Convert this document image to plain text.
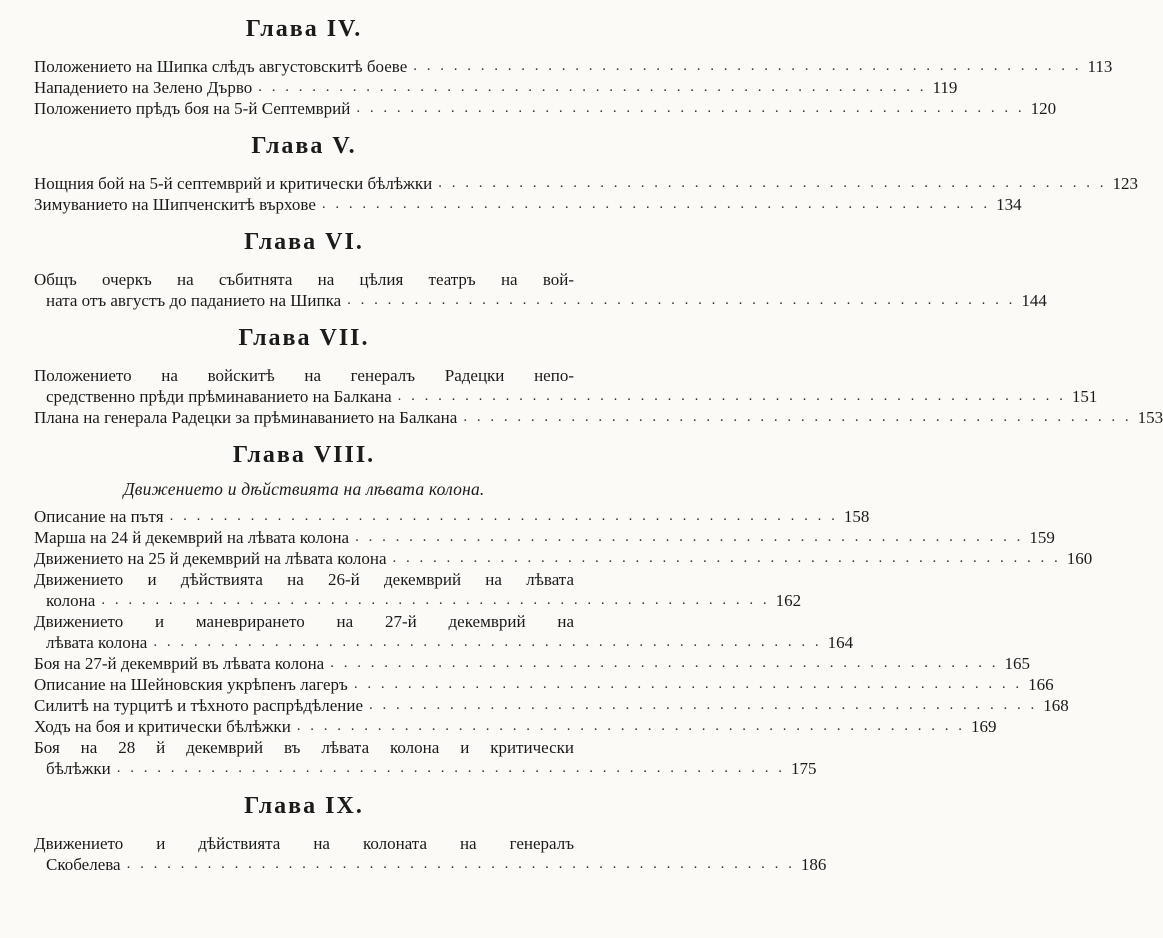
Глава IV.
Положението на Шипка слѣдъ августовскитѣ боеве . . . . . . . . . . . . . . . . . . . . . . . . . . . . . . . . . . . . . . . . . . . . . . . . . . 113
Нападението на Зелено Дърво . . . . . . . . . . . . . . . . . . . . . . . . . . . . . . . . . . . . . . . . . . . . . . . . . . 119
Положението прѣдъ боя на 5-й Септемврий . . . . . . . . . . . . . . . . . . . . . . . . . . . . . . . . . . . . . . . . . . . . . . . . . . 120
Глава V.
Нощния бой на 5-й септемврий и критически бѣлѣжки . . . . . . . . . . . . . . . . . . . . . . . . . . . . . . . . . . . . . . . . . . . . . . . . . . 123
Зимуванието на Шипченскитѣ върхове . . . . . . . . . . . . . . . . . . . . . . . . . . . . . . . . . . . . . . . . . . . . . . . . . . 134
Глава VI.
Общъ очеркъ на събитнята на цѣлия театръ на вой-
ната отъ августъ до паданието на Шипка . . . . . . . . . . . . . . . . . . . . . . . . . . . . . . . . . . . . . . . . . . . . . . . . . . 144
Глава VII.
Положението на войскитѣ на генералъ Радецки непо-
средственно прѣди прѣминаванието на Балкана . . . . . . . . . . . . . . . . . . . . . . . . . . . . . . . . . . . . . . . . . . . . . . . . . . 151
Плана на генерала Радецки за прѣминаванието на Балкана . . . . . . . . . . . . . . . . . . . . . . . . . . . . . . . . . . . . . . . . . . . . . . . . . . 153
Глава VIII.
Движението и дѣйствията на лѣвата колона.
Описание на пътя . . . . . . . . . . . . . . . . . . . . . . . . . . . . . . . . . . . . . . . . . . . . . . . . . . 158
Марша на 24 й декемврий на лѣвата колона . . . . . . . . . . . . . . . . . . . . . . . . . . . . . . . . . . . . . . . . . . . . . . . . . . 159
Движението на 25 й декемврий на лѣвата колона . . . . . . . . . . . . . . . . . . . . . . . . . . . . . . . . . . . . . . . . . . . . . . . . . . 160
Движението и дѣйствията на 26-й декемврий на лѣвата
колона . . . . . . . . . . . . . . . . . . . . . . . . . . . . . . . . . . . . . . . . . . . . . . . . . . 162
Движението и маневрирането на 27-й декемврий на
лѣвата колона . . . . . . . . . . . . . . . . . . . . . . . . . . . . . . . . . . . . . . . . . . . . . . . . . . 164
Боя на 27-й декемврий въ лѣвата колона . . . . . . . . . . . . . . . . . . . . . . . . . . . . . . . . . . . . . . . . . . . . . . . . . . 165
Описание на Шейновския укрѣпенъ лагеръ . . . . . . . . . . . . . . . . . . . . . . . . . . . . . . . . . . . . . . . . . . . . . . . . . . 166
Силитѣ на турцитѣ и тѣхното распрѣдѣление . . . . . . . . . . . . . . . . . . . . . . . . . . . . . . . . . . . . . . . . . . . . . . . . . . 168
Ходъ на боя и критически бѣлѣжки . . . . . . . . . . . . . . . . . . . . . . . . . . . . . . . . . . . . . . . . . . . . . . . . . . 169
Боя на 28 й декемврий въ лѣвата колона и критически
бѣлѣжки . . . . . . . . . . . . . . . . . . . . . . . . . . . . . . . . . . . . . . . . . . . . . . . . . . 175
Глава IX.
Движението и дѣйствията на колоната на генералъ
Скобелева . . . . . . . . . . . . . . . . . . . . . . . . . . . . . . . . . . . . . . . . . . . . . . . . . . 186
